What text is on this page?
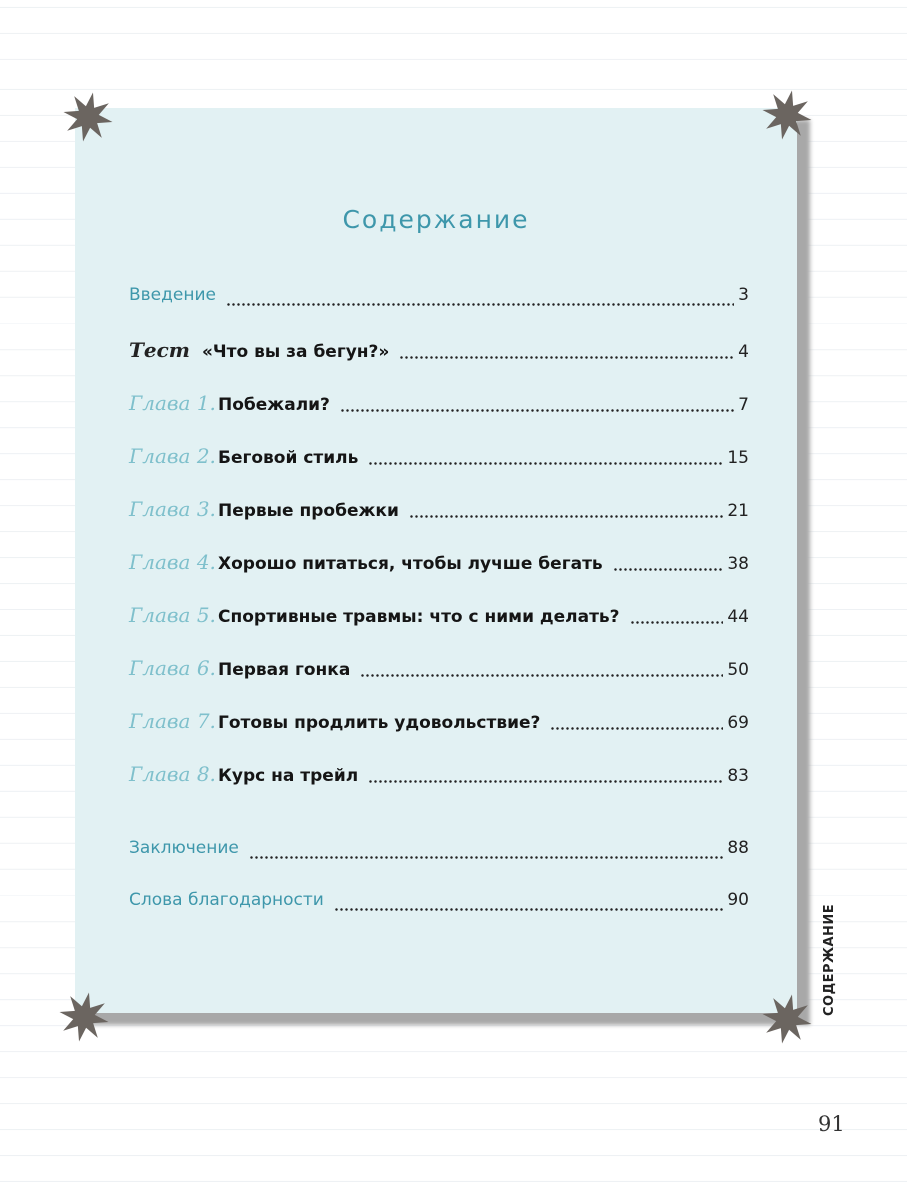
Содержание
Введение	3
Тест «Что вы за бегун?»	4
Глава 1. Побежали?	7
Глава 2. Беговой стиль	15
Глава 3. Первые пробежки	21
Глава 4. Хорошо питаться, чтобы лучше бегать	38
Глава 5. Спортивные травмы: что с ними делать?	44
Глава 6. Первая гонка	50
Глава 7. Готовы продлить удовольствие?	69
Глава 8. Курс на трейл	83
Заключение	88
Слова благодарности	90
СОДЕРЖАНИЕ
91
